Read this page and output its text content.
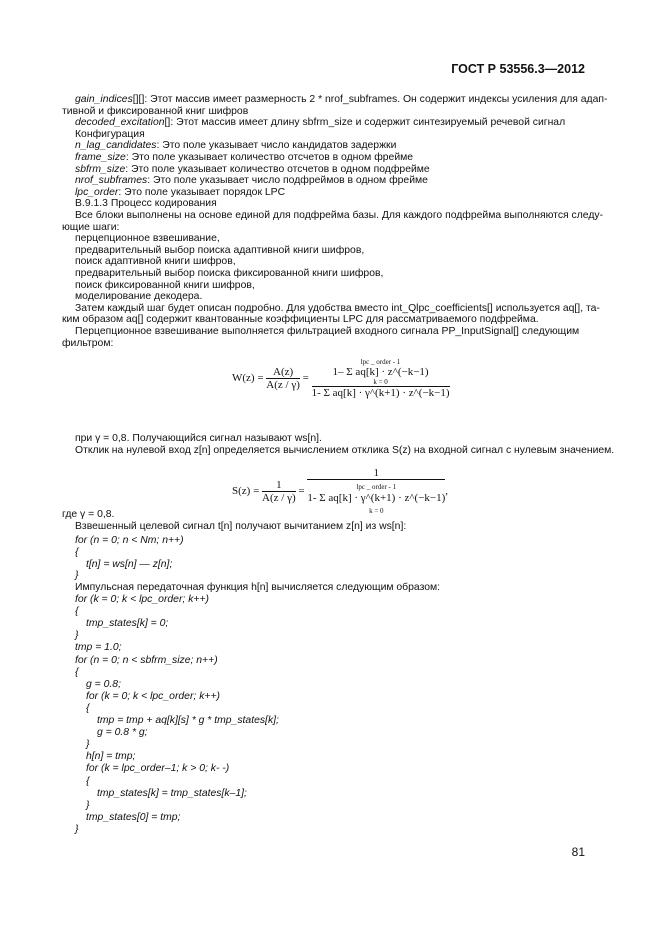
ГОСТ Р 53556.3—2012
gain_indices[][]: Этот массив имеет размерность 2 * nrof_subframes. Он содержит индексы усиления для адап-
тивной и фиксированной книг шифров
decoded_excitation[]: Этот массив имеет длину sbfrm_size и содержит синтезируемый речевой сигнал
Конфигурация
n_lag_candidates: Это поле указывает число кандидатов задержки
frame_size: Это поле указывает количество отсчетов в одном фрейме
sbfrm_size: Это поле указывает количество отсчетов в одном подфрейме
nrof_subframes: Это поле указывает число подфреймов в одном фрейме
lpc_order: Это поле указывает порядок LPC
B.9.1.3 Процесс кодирования
Все блоки выполнены на основе единой для подфрейма базы. Для каждого подфрейма выполняются следу-
ющие шаги:
перцепционное взвешивание,
предварительный выбор поиска адаптивной книги шифров,
поиск адаптивной книги шифров,
предварительный выбор поиска фиксированной книги шифров,
поиск фиксированной книги шифров,
моделирование декодера.
Затем каждый шаг будет описан подробно. Для удобства вместо int_Qlpc_coefficients[] используется aq[], та-
ким образом aq[] содержит квантованные коэффициенты LPC для рассматриваемого подфрейма.
Перцепционное взвешивание выполняется фильтрацией входного сигнала PP_InputSignal[] следующим
фильтром:
$W(z) = \frac{A(z)}{A(z / \gamma)}$ =
lpc _ order - 1
1– Σ aq[k] · z^(−k−1)
k = 0
1- Σ aq[k] · γ^(k+1) · z^(−k−1)
при γ = 0,8. Получающийся сигнал называют ws[n].
Отклик на нулевой вход z[n] определяется вычислением отклика S(z) на входной сигнал с нулевым значением.
$S(z) = \frac{1}{A(z / \gamma)}$ =
1
lpc _ order - 1
1- Σ aq[k] · γ^(k+1) · z^(−k−1)
k = 0
,
где γ = 0,8.
Взвешенный целевой сигнал t[n] получают вычитанием z[n] из ws[n]:
for (n = 0; n < Nm; n++)
{
t[n] = ws[n] — z[n];
}
Импульсная передаточная функция h[n] вычисляется следующим образом:
for (k = 0; k < lpc_order; k++)
{
tmp_states[k] = 0;
}
tmp = 1.0;
for (n = 0; n < sbfrm_size; n++)
{
g = 0.8;
for (k = 0; k < lpc_order; k++)
{
tmp = tmp + aq[k][s] * g * tmp_states[k];
g = 0.8 * g;
}
h[n] = tmp;
for (k = lpc_order–1; k > 0; k- -)
{
tmp_states[k] = tmp_states[k–1];
}
tmp_states[0] = tmp;
}
81
